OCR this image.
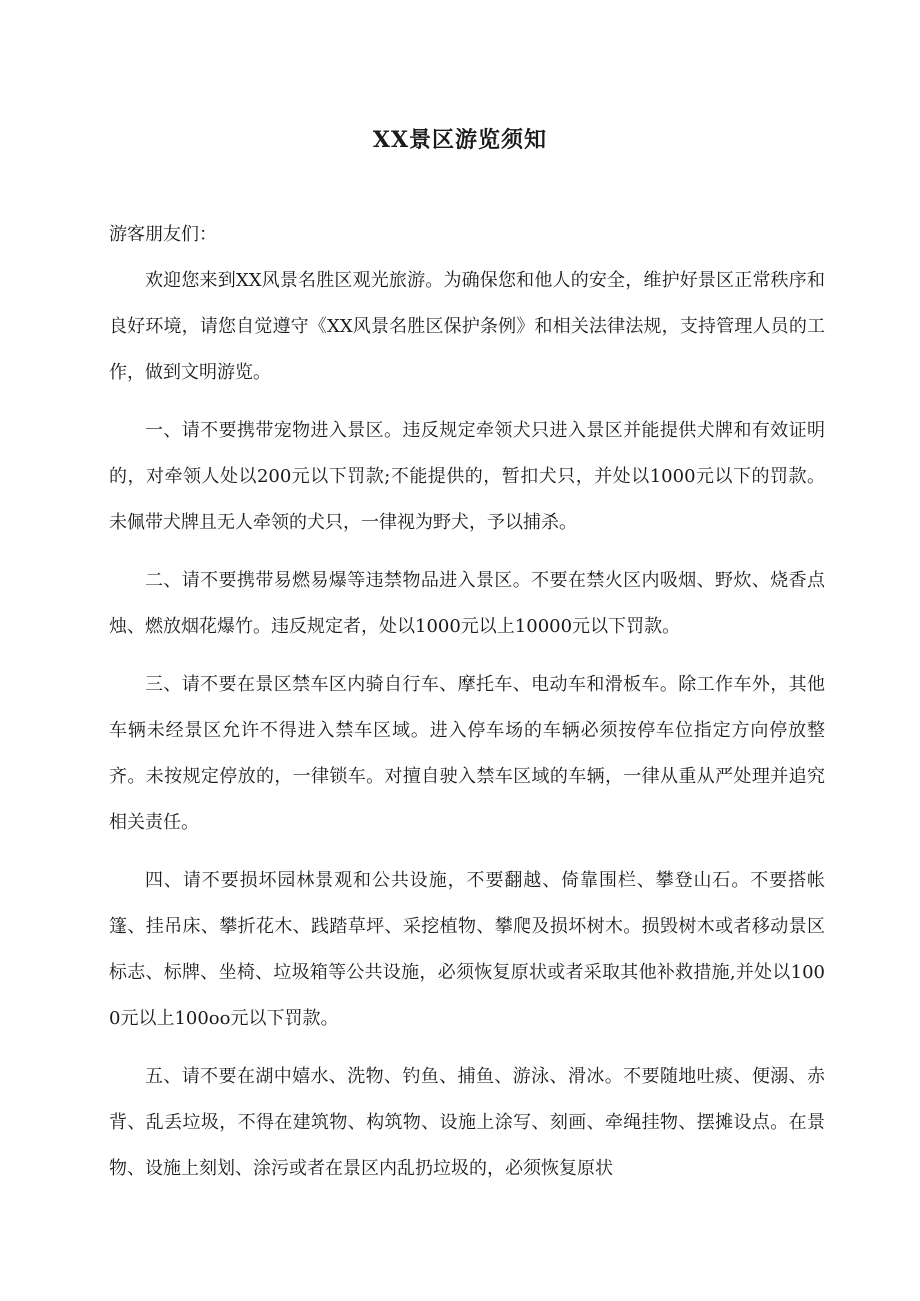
XX景区游览须知

游客朋友们：

欢迎您来到XX风景名胜区观光旅游。为确保您和他人的安全，维护好景区正常秩序和良好环境，请您自觉遵守《XX风景名胜区保护条例》和相关法律法规，支持管理人员的工作，做到文明游览。

一、请不要携带宠物进入景区。违反规定牵领犬只进入景区并能提供犬牌和有效证明的，对牵领人处以200元以下罚款;不能提供的，暂扣犬只，并处以1000元以下的罚款。未佩带犬牌且无人牵领的犬只，一律视为野犬，予以捕杀。

二、请不要携带易燃易爆等违禁物品进入景区。不要在禁火区内吸烟、野炊、烧香点烛、燃放烟花爆竹。违反规定者，处以1000元以上10000元以下罚款。

三、请不要在景区禁车区内骑自行车、摩托车、电动车和滑板车。除工作车外，其他车辆未经景区允许不得进入禁车区域。进入停车场的车辆必须按停车位指定方向停放整齐。未按规定停放的，一律锁车。对擅自驶入禁车区域的车辆，一律从重从严处理并追究相关责任。

四、请不要损坏园林景观和公共设施，不要翻越、倚靠围栏、攀登山石。不要搭帐篷、挂吊床、攀折花木、践踏草坪、采挖植物、攀爬及损坏树木。损毁树木或者移动景区标志、标牌、坐椅、垃圾箱等公共设施，必须恢复原状或者采取其他补救措施,并处以1000元以上100oo元以下罚款。

五、请不要在湖中嬉水、洗物、钓鱼、捕鱼、游泳、滑冰。不要随地吐痰、便溺、赤背、乱丢垃圾，不得在建筑物、构筑物、设施上涂写、刻画、牵绳挂物、摆摊设点。在景物、设施上刻划、涂污或者在景区内乱扔垃圾的，必须恢复原状
